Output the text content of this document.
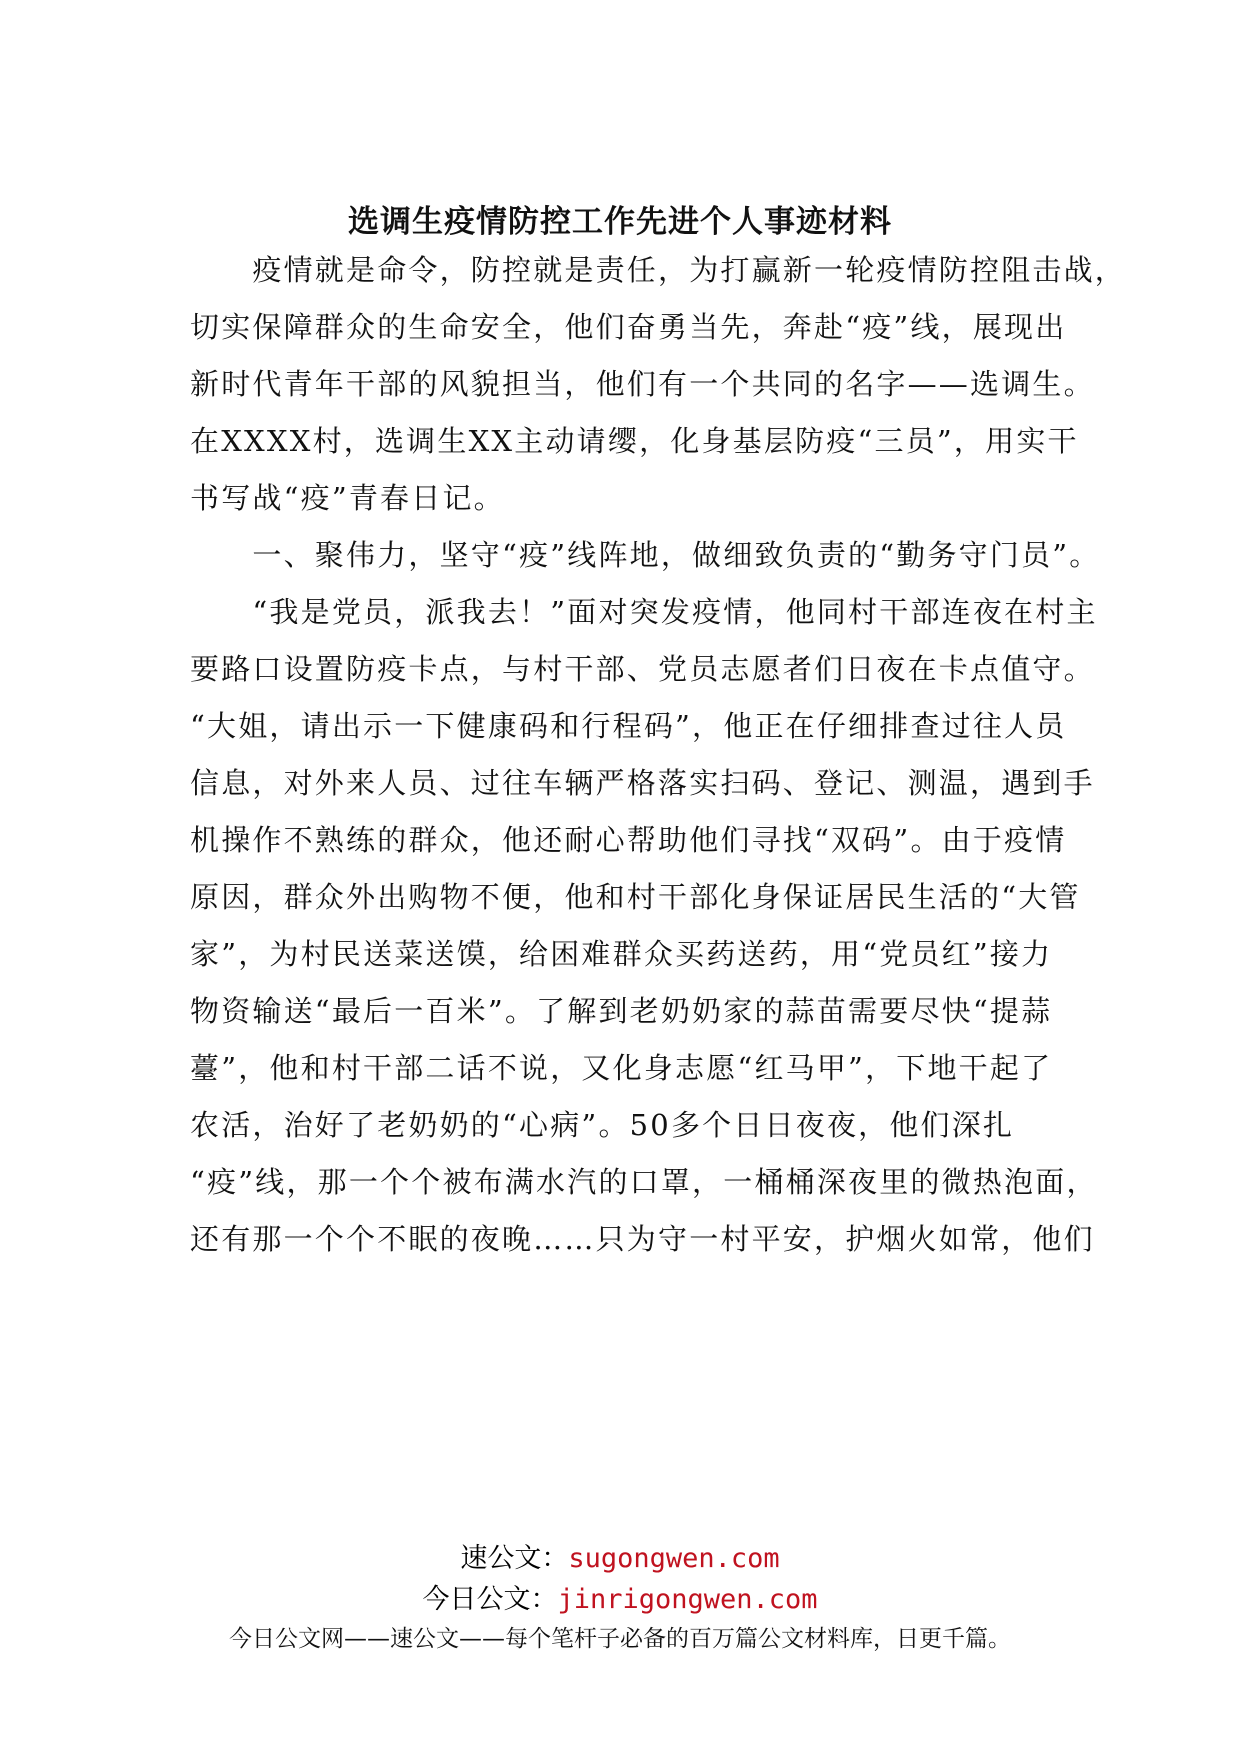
选调生疫情防控工作先进个人事迹材料
　　疫情就是命令，防控就是责任，为打赢新一轮疫情防控阻击战，
切实保障群众的生命安全，他们奋勇当先，奔赴“疫”线，展现出
新时代青年干部的风貌担当，他们有一个共同的名字——选调生。
在XXXX村，选调生XX主动请缨，化身基层防疫“三员”，用实干
书写战“疫”青春日记。
　　一、聚伟力，坚守“疫”线阵地，做细致负责的“勤务守门员”。
　　“我是党员，派我去！”面对突发疫情，他同村干部连夜在村主
要路口设置防疫卡点，与村干部、党员志愿者们日夜在卡点值守。
“大姐，请出示一下健康码和行程码”，他正在仔细排查过往人员
信息，对外来人员、过往车辆严格落实扫码、登记、测温，遇到手
机操作不熟练的群众，他还耐心帮助他们寻找“双码”。由于疫情
原因，群众外出购物不便，他和村干部化身保证居民生活的“大管
家”，为村民送菜送馍，给困难群众买药送药，用“党员红”接力
物资输送“最后一百米”。了解到老奶奶家的蒜苗需要尽快“提蒜
薹”，他和村干部二话不说，又化身志愿“红马甲”，下地干起了
农活，治好了老奶奶的“心病”。50多个日日夜夜，他们深扎
“疫”线，那一个个被布满水汽的口罩，一桶桶深夜里的微热泡面，
还有那一个个不眠的夜晚……只为守一村平安，护烟火如常，他们
速公文：sugongwen.com
今日公文：jinrigongwen.com
今日公文网——速公文——每个笔杆子必备的百万篇公文材料库，日更千篇。
